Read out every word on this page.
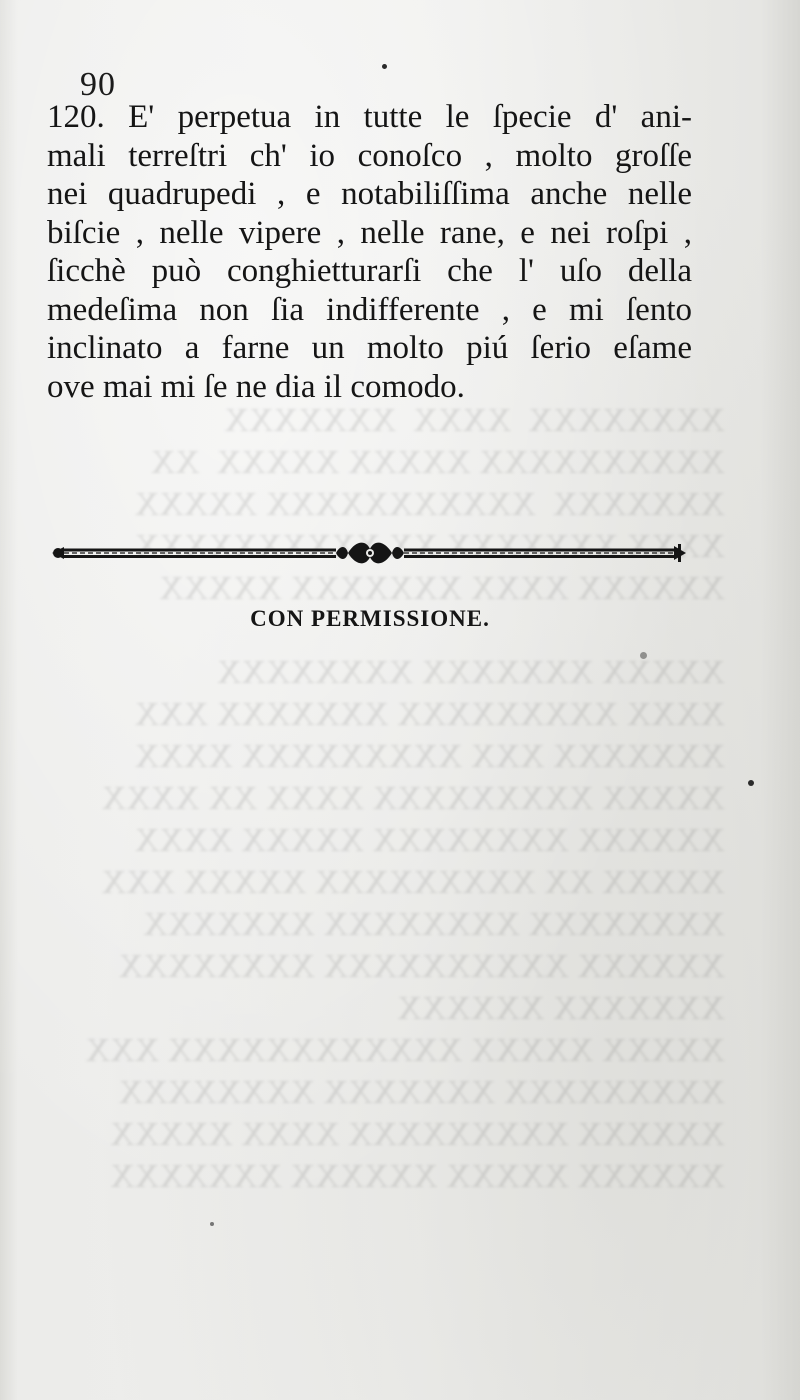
XXXXXXXX  XXXX  XXXXXXX
XXXXXXXXXX XXXXX XXXXX  XX
XXXXXXX  XXXXXXXXXXX XXXXX
XXXX XXXXXXX XX XXXXXXXXXX
XXXXXX XXXX XXXXXXX XXXXX

XXXXX XXXXXXX XXXXXXXX
XXXX XXXXXXXXX XXXXXXX XXX
XXXXXXX XXX XXXXXXXXX XXXX
XXXXX XXXXXXXXX XXXX XX XXXX
XXXXXX XXXXXXXX XXXXX XXXX
XXXXX XX XXXXXXXXX XXXXX XXX
XXXXXXXX XXXXXXXX XXXXXXX
XXXXXX XXXXXXXXXX XXXXXXXX
XXXXXXX XXXXXX
XXXXX XXXXX XXXXXXXXXXXX XXX
XXXXXXXXX XXXXXXX XXXXXXXX
XXXXXX XXXXXXXXX XXXX XXXXX
XXXXXX XXXXX XXXXXX XXXXXXX
90
120. E' perpetua in tutte le ſpecie d' ani-
mali terreſtri ch' io conoſco , molto groſſe
nei quadrupedi , e notabiliſſima anche nelle
biſcie , nelle vipere , nelle rane, e nei roſpi ,
ſicchè può conghietturarſi che l' uſo della
medeſima non ſia indifferente , e mi ſento
inclinato a farne un molto piú ſerio eſame
ove mai mi ſe ne dia il comodo.
CON PERMISSIONE.
